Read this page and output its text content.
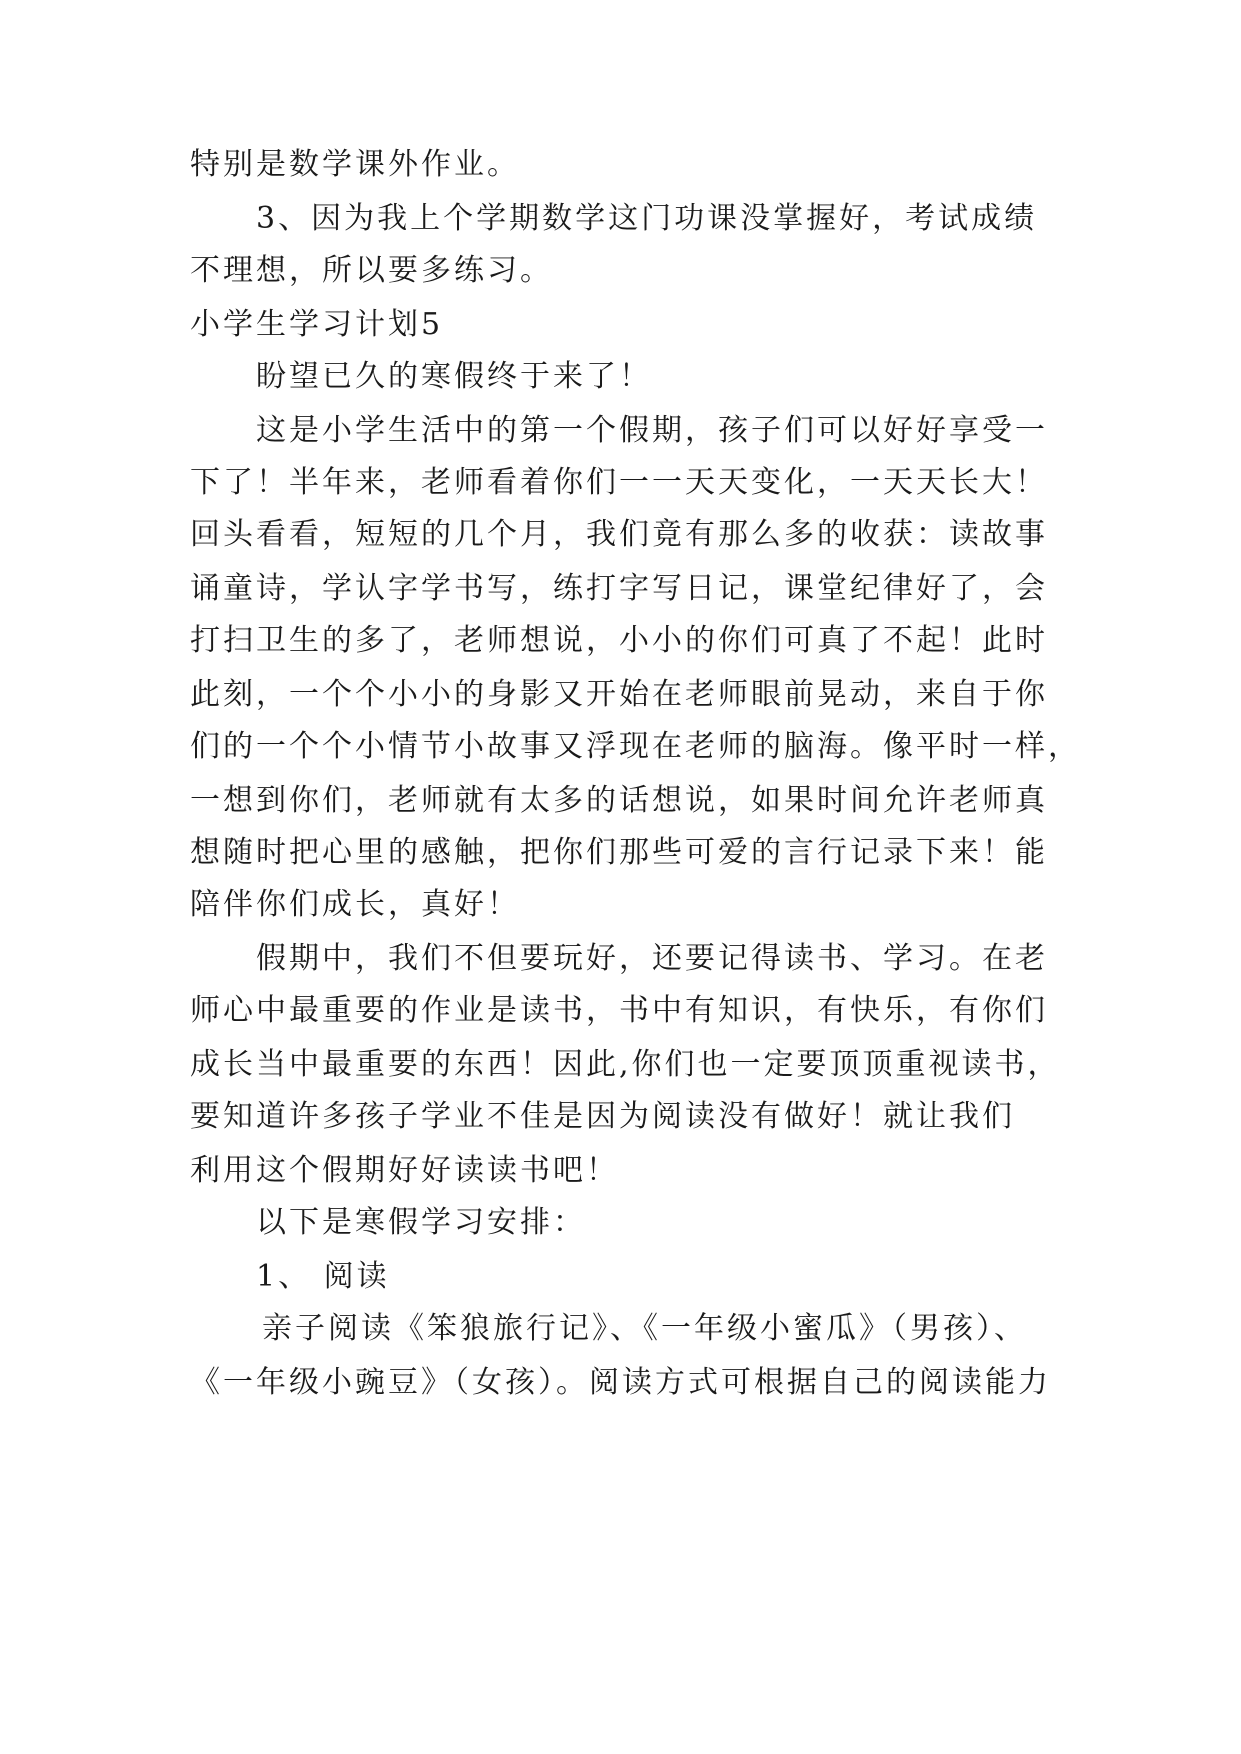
特别是数学课外作业。
3、因为我上个学期数学这门功课没掌握好，考试成绩
不理想，所以要多练习。
小学生学习计划5
盼望已久的寒假终于来了！
这是小学生活中的第一个假期，孩子们可以好好享受一
下了！半年来，老师看着你们一一天天变化，一天天长大！
回头看看，短短的几个月，我们竟有那么多的收获：读故事
诵童诗，学认字学书写，练打字写日记，课堂纪律好了，会
打扫卫生的多了，老师想说，小小的你们可真了不起！此时
此刻，一个个小小的身影又开始在老师眼前晃动，来自于你
们的一个个小情节小故事又浮现在老师的脑海。像平时一样，
一想到你们，老师就有太多的话想说，如果时间允许老师真
想随时把心里的感触，把你们那些可爱的言行记录下来！能
陪伴你们成长，真好！
假期中，我们不但要玩好，还要记得读书、学习。在老
师心中最重要的作业是读书，书中有知识，有快乐，有你们
成长当中最重要的东西！因此,你们也一定要顶顶重视读书，
要知道许多孩子学业不佳是因为阅读没有做好！就让我们
利用这个假期好好读读书吧！
以下是寒假学习安排：
1、 阅读
亲子阅读《笨狼旅行记》、《一年级小蜜瓜》（男孩）、
《一年级小豌豆》（女孩）。阅读方式可根据自己的阅读能力
